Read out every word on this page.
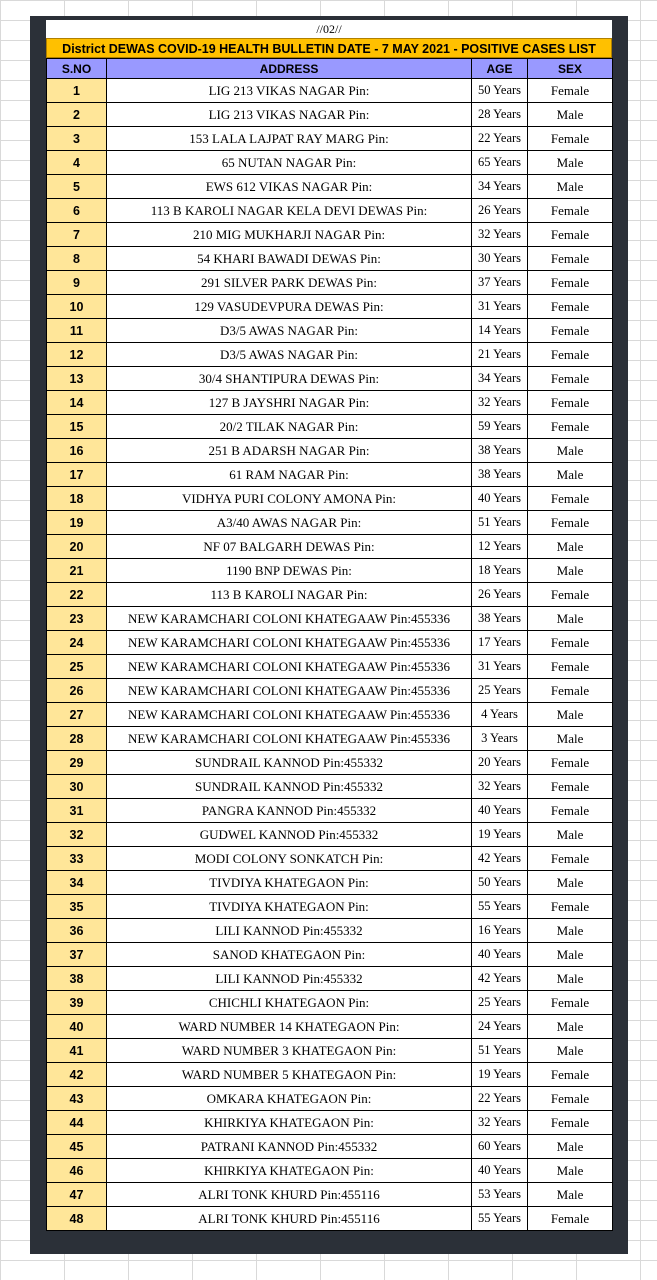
//02//
District DEWAS COVID-19 HEALTH BULLETIN DATE - 7 MAY 2021 - POSITIVE CASES LIST
S.NO	ADDRESS	AGE	SEX
1	LIG 213 VIKAS NAGAR Pin:	50 Years	Female
2	LIG 213 VIKAS NAGAR Pin:	28 Years	Male
3	153 LALA LAJPAT RAY MARG Pin:	22 Years	Female
4	65 NUTAN NAGAR Pin:	65 Years	Male
5	EWS 612 VIKAS NAGAR Pin:	34 Years	Male
6	113 B KAROLI NAGAR KELA DEVI DEWAS Pin:	26 Years	Female
7	210 MIG MUKHARJI NAGAR Pin:	32 Years	Female
8	54 KHARI BAWADI DEWAS Pin:	30 Years	Female
9	291 SILVER PARK DEWAS Pin:	37 Years	Female
10	129 VASUDEVPURA DEWAS Pin:	31 Years	Female
11	D3/5 AWAS NAGAR Pin:	14 Years	Female
12	D3/5 AWAS NAGAR Pin:	21 Years	Female
13	30/4 SHANTIPURA DEWAS Pin:	34 Years	Female
14	127 B JAYSHRI NAGAR Pin:	32 Years	Female
15	20/2 TILAK NAGAR Pin:	59 Years	Female
16	251 B ADARSH NAGAR Pin:	38 Years	Male
17	61 RAM NAGAR Pin:	38 Years	Male
18	VIDHYA PURI COLONY AMONA Pin:	40 Years	Female
19	A3/40 AWAS NAGAR Pin:	51 Years	Female
20	NF 07 BALGARH DEWAS Pin:	12 Years	Male
21	1190 BNP DEWAS Pin:	18 Years	Male
22	113 B KAROLI NAGAR Pin:	26 Years	Female
23	NEW KARAMCHARI COLONI KHATEGAAW Pin:455336	38 Years	Male
24	NEW KARAMCHARI COLONI KHATEGAAW Pin:455336	17 Years	Female
25	NEW KARAMCHARI COLONI KHATEGAAW Pin:455336	31 Years	Female
26	NEW KARAMCHARI COLONI KHATEGAAW Pin:455336	25 Years	Female
27	NEW KARAMCHARI COLONI KHATEGAAW Pin:455336	4 Years	Male
28	NEW KARAMCHARI COLONI KHATEGAAW Pin:455336	3 Years	Male
29	SUNDRAIL KANNOD Pin:455332	20 Years	Female
30	SUNDRAIL KANNOD Pin:455332	32 Years	Female
31	PANGRA KANNOD Pin:455332	40 Years	Female
32	GUDWEL KANNOD Pin:455332	19 Years	Male
33	MODI COLONY SONKATCH Pin:	42 Years	Female
34	TIVDIYA KHATEGAON Pin:	50 Years	Male
35	TIVDIYA KHATEGAON Pin:	55 Years	Female
36	LILI KANNOD Pin:455332	16 Years	Male
37	SANOD KHATEGAON Pin:	40 Years	Male
38	LILI KANNOD Pin:455332	42 Years	Male
39	CHICHLI KHATEGAON Pin:	25 Years	Female
40	WARD NUMBER 14 KHATEGAON Pin:	24 Years	Male
41	WARD NUMBER 3 KHATEGAON Pin:	51 Years	Male
42	WARD NUMBER 5 KHATEGAON Pin:	19 Years	Female
43	OMKARA KHATEGAON Pin:	22 Years	Female
44	KHIRKIYA KHATEGAON Pin:	32 Years	Female
45	PATRANI KANNOD Pin:455332	60 Years	Male
46	KHIRKIYA KHATEGAON Pin:	40 Years	Male
47	ALRI TONK KHURD Pin:455116	53 Years	Male
48	ALRI TONK KHURD Pin:455116	55 Years	Female
